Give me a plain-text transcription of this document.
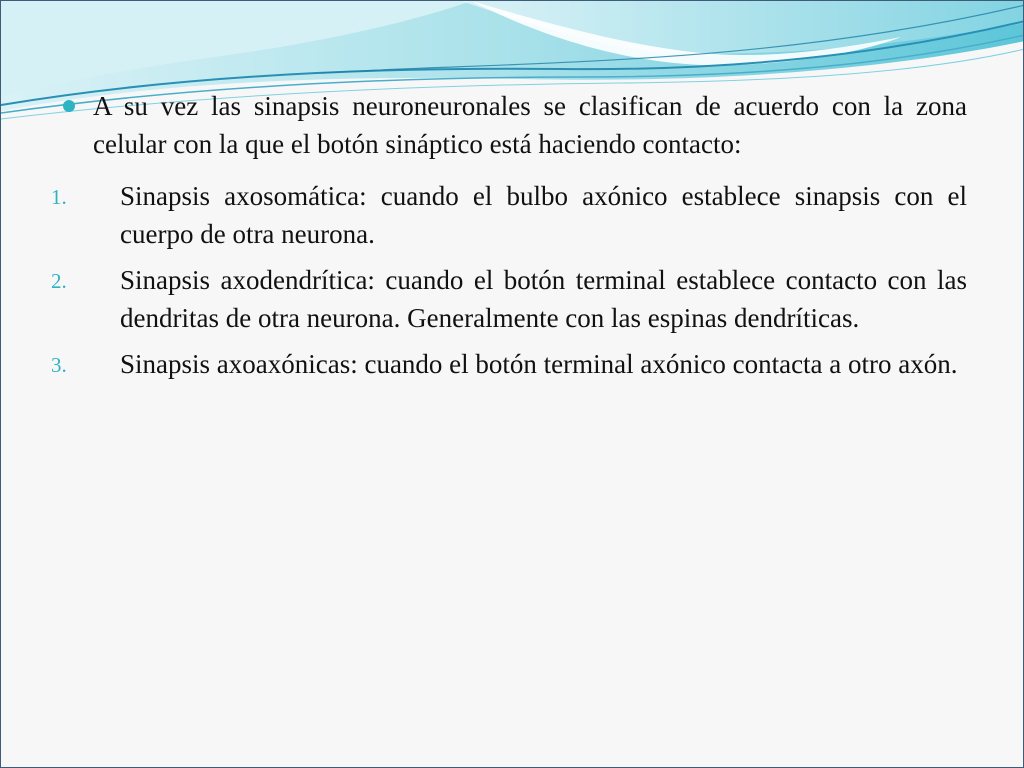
A su vez las sinapsis neuroneuronales se clasifican de acuerdo con la zona celular con la que el botón sináptico está haciendo contacto:

1. Sinapsis axosomática: cuando el bulbo axónico establece sinapsis con el cuerpo de otra neurona.
2. Sinapsis axodendrítica: cuando el botón terminal establece contacto con las  dendritas de otra neurona. Generalmente con las espinas dendríticas.
3. Sinapsis axoaxónicas: cuando el botón terminal axónico contacta a otro axón.
